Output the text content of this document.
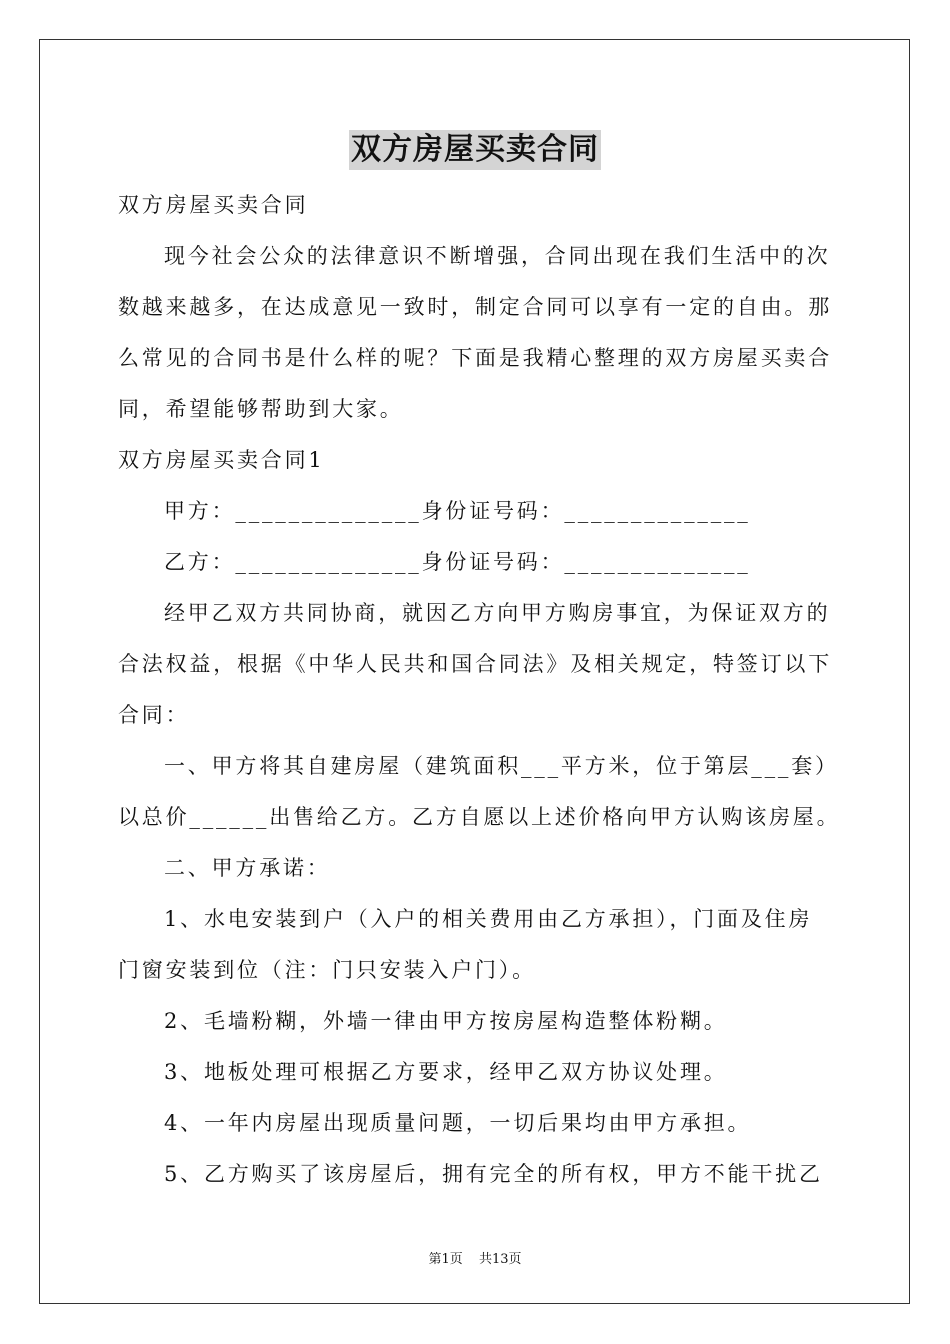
双方房屋买卖合同
双方房屋买卖合同
现今社会公众的法律意识不断增强，合同出现在我们生活中的次
数越来越多，在达成意见一致时，制定合同可以享有一定的自由。那
么常见的合同书是什么样的呢？下面是我精心整理的双方房屋买卖合
同，希望能够帮助到大家。
双方房屋买卖合同1
甲方：______________身份证号码：______________
乙方：______________身份证号码：______________
经甲乙双方共同协商，就因乙方向甲方购房事宜，为保证双方的
合法权益，根据《中华人民共和国合同法》及相关规定，特签订以下
合同：
一、甲方将其自建房屋（建筑面积___平方米，位于第层___套）
以总价______出售给乙方。乙方自愿以上述价格向甲方认购该房屋。
二、甲方承诺：
1、水电安装到户（入户的相关费用由乙方承担），门面及住房
门窗安装到位（注：门只安装入户门）。
2、毛墙粉糊，外墙一律由甲方按房屋构造整体粉糊。
3、地板处理可根据乙方要求，经甲乙双方协议处理。
4、一年内房屋出现质量问题，一切后果均由甲方承担。
5、乙方购买了该房屋后，拥有完全的所有权，甲方不能干扰乙
第1页 共13页
